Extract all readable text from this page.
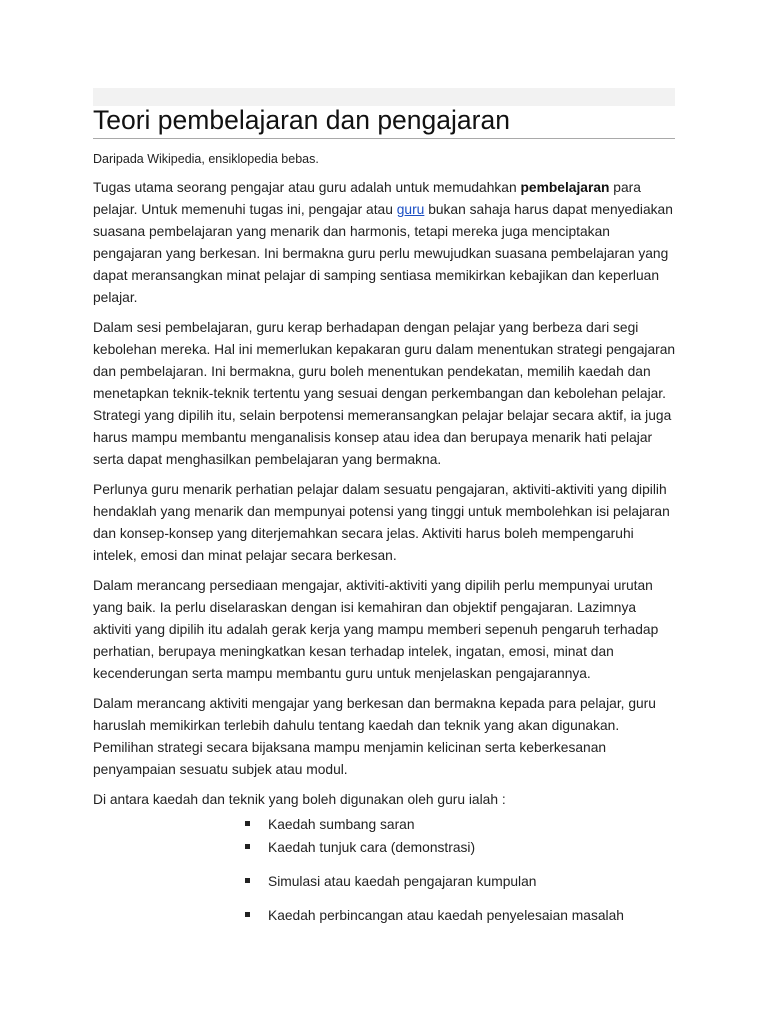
Teori pembelajaran dan pengajaran
Daripada Wikipedia, ensiklopedia bebas.

Tugas utama seorang pengajar atau guru adalah untuk memudahkan pembelajaran para pelajar. Untuk memenuhi tugas ini, pengajar atau guru bukan sahaja harus dapat menyediakan suasana pembelajaran yang menarik dan harmonis, tetapi mereka juga menciptakan pengajaran yang berkesan. Ini bermakna guru perlu mewujudkan suasana pembelajaran yang dapat meransangkan minat pelajar di samping sentiasa memikirkan kebajikan dan keperluan pelajar.

Dalam sesi pembelajaran, guru kerap berhadapan dengan pelajar yang berbeza dari segi kebolehan mereka. Hal ini memerlukan kepakaran guru dalam menentukan strategi pengajaran dan pembelajaran. Ini bermakna, guru boleh menentukan pendekatan, memilih kaedah dan menetapkan teknik-teknik tertentu yang sesuai dengan perkembangan dan kebolehan pelajar. Strategi yang dipilih itu, selain berpotensi memeransangkan pelajar belajar secara aktif, ia juga harus mampu membantu menganalisis konsep atau idea dan berupaya menarik hati pelajar serta dapat menghasilkan pembelajaran yang bermakna.

Perlunya guru menarik perhatian pelajar dalam sesuatu pengajaran, aktiviti-aktiviti yang dipilih hendaklah yang menarik dan mempunyai potensi yang tinggi untuk membolehkan isi pelajaran dan konsep-konsep yang diterjemahkan secara jelas. Aktiviti harus boleh mempengaruhi intelek, emosi dan minat pelajar secara berkesan.

Dalam merancang persediaan mengajar, aktiviti-aktiviti yang dipilih perlu mempunyai urutan yang baik. Ia perlu diselaraskan dengan isi kemahiran dan objektif pengajaran. Lazimnya aktiviti yang dipilih itu adalah gerak kerja yang mampu memberi sepenuh pengaruh terhadap perhatian, berupaya meningkatkan kesan terhadap intelek, ingatan, emosi, minat dan kecenderungan serta mampu membantu guru untuk menjelaskan pengajarannya.

Dalam merancang aktiviti mengajar yang berkesan dan bermakna kepada para pelajar, guru haruslah memikirkan terlebih dahulu tentang kaedah dan teknik yang akan digunakan. Pemilihan strategi secara bijaksana mampu menjamin kelicinan serta keberkesanan penyampaian sesuatu subjek atau modul.

Di antara kaedah dan teknik yang boleh digunakan oleh guru ialah :

Kaedah sumbang saran
Kaedah tunjuk cara (demonstrasi)
Simulasi atau kaedah pengajaran kumpulan
Kaedah perbincangan atau kaedah penyelesaian masalah
